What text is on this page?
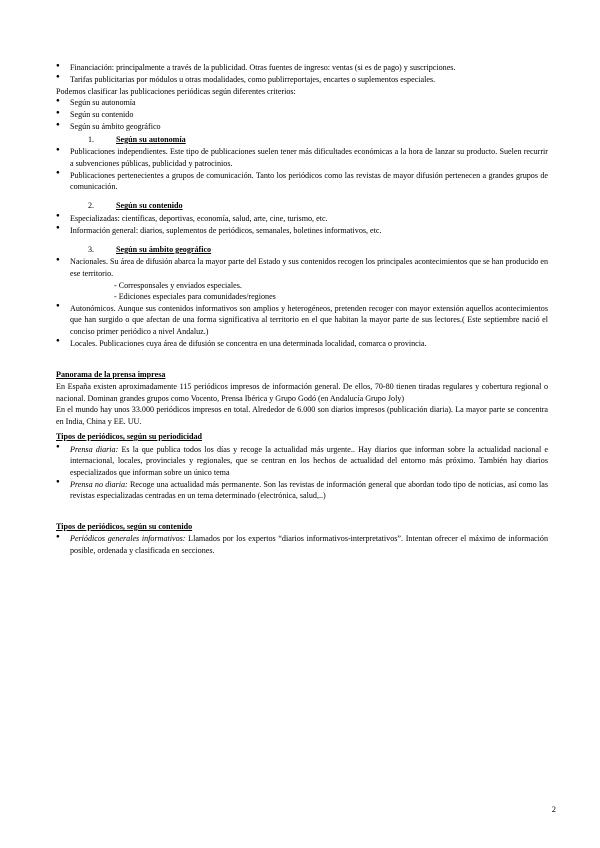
● Financiación: principalmente a través de la publicidad. Otras fuentes de ingreso: ventas (si es de pago) y suscripciones.
● Tarifas publicitarias por módulos u otras modalidades, como publirreportajes, encartes o suplementos especiales.

Podemos clasificar las publicaciones periódicas según diferentes criterios:

● Según su autonomía
● Según su contenido
● Según su ámbito geográfico
1.	Según su autonomía
● Publicaciones independientes. Este tipo de publicaciones suelen tener más dificultades económicas a la hora de lanzar su producto. Suelen recurrir a subvenciones públicas, publicidad y patrocinios.
● Publicaciones pertenecientes a grupos de comunicación. Tanto los periódicos como las revistas de mayor difusión pertenecen a grandes grupos de comunicación.
2.	Según su contenido
● Especializadas: científicas, deportivas, economía, salud, arte, cine, turismo, etc.
● Información general: diarios, suplementos de periódicos, semanales, boletines informativos, etc.
3.	Según su ámbito geográfico
● Nacionales. Su área de difusión abarca la mayor parte del Estado y sus contenidos recogen los principales acontecimientos que se han producido en ese territorio.
- Corresponsales y enviados especiales.
- Ediciones especiales para comunidades/regiones
● Autonómicos. Aunque sus contenidos informativos son amplios y heterogéneos, pretenden recoger con mayor extensión aquellos acontecimientos que han surgido o que afectan de una forma significativa al territorio en el que habitan la mayor parte de sus lectores.( Este septiembre nació el conciso primer periódico a nivel Andaluz.)
● Locales. Publicaciones cuya área de difusión se concentra en una determinada localidad, comarca o provincia.
Panorama de la prensa impresa

En España existen aproximadamente 115 periódicos impresos de información general. De ellos, 70-80 tienen tiradas regulares y cobertura regional o nacional. Dominan grandes grupos como Vocento, Prensa Ibérica y Grupo Godó (en Andalucía Grupo Joly)

En el mundo hay unos 33.000 periódicos impresos en total. Alrededor de 6.000 son diarios impresos (publicación diaria). La mayor parte se concentra en India, China y EE. UU.

Tipos de periódicos, según su periodicidad
● Prensa diaria: Es la que publica todos los días y recoge la actualidad más urgente.. Hay diarios que informan sobre la actualidad nacional e internacional, locales, provinciales y regionales, que se centran en los hechos de actualidad del entorno más próximo. También hay diarios especializados que informan sobre un único tema
● Prensa no diaria: Recoge una actualidad más permanente. Son las revistas de información general que abordan todo tipo de noticias, así como las revistas especializadas centradas en un tema determinado (electrónica, salud,..)
Tipos de periódicos, según su contenido
● Periódicos generales informativos: Llamados por los expertos “diarios informativos-interpretativos”. Intentan ofrecer el máximo de información posible, ordenada y clasificada en secciones.
2
